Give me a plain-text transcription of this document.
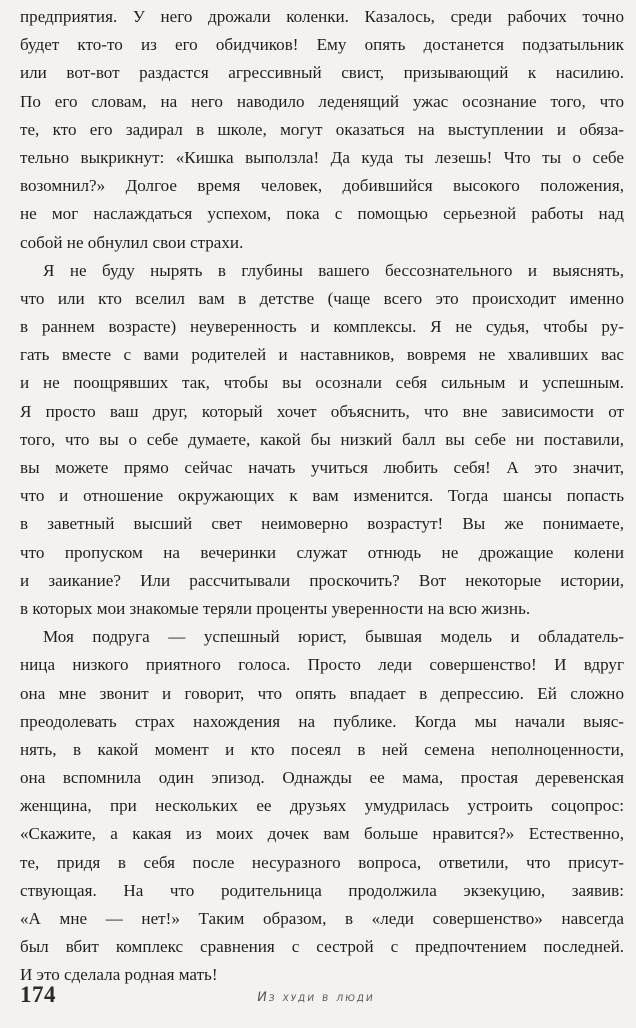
предприятия. У него дрожали коленки. Казалось, среди рабочих точно
будет кто-то из его обидчиков! Ему опять достанется подзатыльник
или вот-вот раздастся агрессивный свист, призывающий к насилию.
По его словам, на него наводило леденящий ужас осознание того, что
те, кто его задирал в школе, могут оказаться на выступлении и обяза-
тельно выкрикнут: «Кишка выползла! Да куда ты лезешь! Что ты о себе
возомнил?» Долгое время человек, добившийся высокого положения,
не мог наслаждаться успехом, пока с помощью серьезной работы над
собой не обнулил свои страхи.
Я не буду нырять в глубины вашего бессознательного и выяснять,
что или кто вселил вам в детстве (чаще всего это происходит именно
в раннем возрасте) неуверенность и комплексы. Я не судья, чтобы ру-
гать вместе с вами родителей и наставников, вовремя не хваливших вас
и не поощрявших так, чтобы вы осознали себя сильным и успешным.
Я просто ваш друг, который хочет объяснить, что вне зависимости от
того, что вы о себе думаете, какой бы низкий балл вы себе ни поставили,
вы можете прямо сейчас начать учиться любить себя! А это значит,
что и отношение окружающих к вам изменится. Тогда шансы попасть
в заветный высший свет неимоверно возрастут! Вы же понимаете,
что пропуском на вечеринки служат отнюдь не дрожащие колени
и заикание? Или рассчитывали проскочить? Вот некоторые истории,
в которых мои знакомые теряли проценты уверенности на всю жизнь.
Моя подруга — успешный юрист, бывшая модель и обладатель-
ница низкого приятного голоса. Просто леди совершенство! И вдруг
она мне звонит и говорит, что опять впадает в депрессию. Ей сложно
преодолевать страх нахождения на публике. Когда мы начали выяс-
нять, в какой момент и кто посеял в ней семена неполноценности,
она вспомнила один эпизод. Однажды ее мама, простая деревенская
женщина, при нескольких ее друзьях умудрилась устроить соцопрос:
«Скажите, а какая из моих дочек вам больше нравится?» Естественно,
те, придя в себя после несуразного вопроса, ответили, что присут-
ствующая. На что родительница продолжила экзекуцию, заявив:
«А мне — нет!» Таким образом, в «леди совершенство» навсегда
был вбит комплекс сравнения с сестрой с предпочтением последней.
И это сделала родная мать!
174	Из худи в люди
